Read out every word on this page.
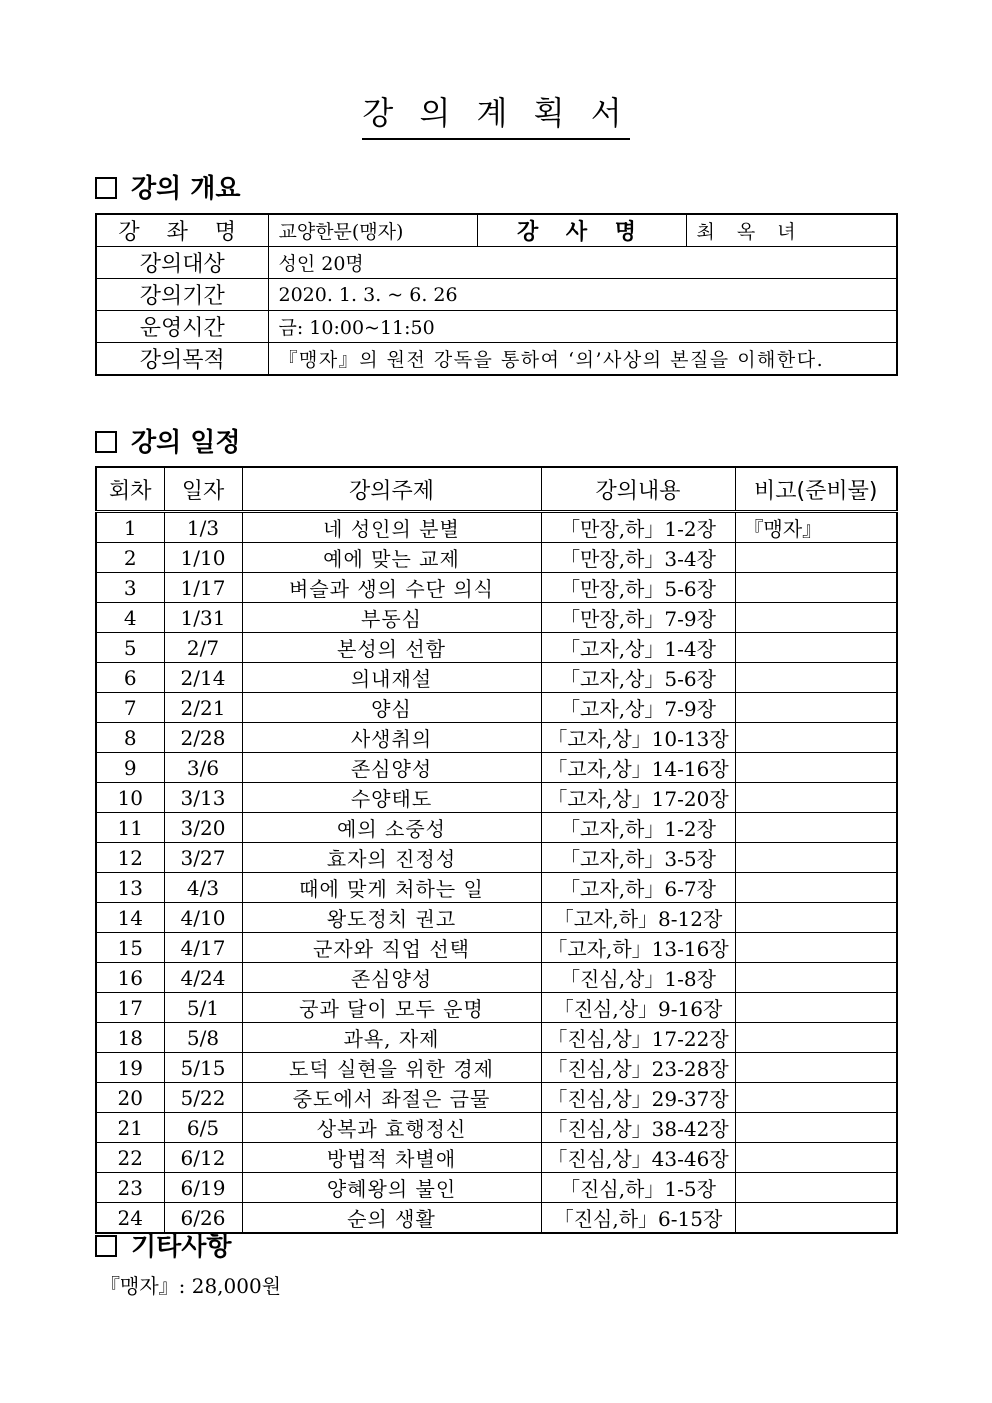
강 의 계 획 서
강의 개요
강 좌 명	교양한문(맹자)	강 사 명	최 옥 녀
강의대상	성인 20명		
강의기간	2020. 1. 3. ~ 6. 26		
운영시간	금: 10:00~11:50		
강의목적	『맹자』의 원전 강독을 통하여 ‘의’사상의 본질을 이해한다.		
강의 일정
회차	일자	강의주제	강의내용	비고(준비물)
1	1/3	네 성인의 분별	「만장,하」1-2장	『맹자』
2	1/10	예에 맞는 교제	「만장,하」3-4장	
3	1/17	벼슬과 생의 수단 의식	「만장,하」5-6장	
4	1/31	부동심	「만장,하」7-9장	
5	2/7	본성의 선함	「고자,상」1-4장	
6	2/14	의내재설	「고자,상」5-6장	
7	2/21	양심	「고자,상」7-9장	
8	2/28	사생취의	「고자,상」10-13장	
9	3/6	존심양성	「고자,상」14-16장	
10	3/13	수양태도	「고자,상」17-20장	
11	3/20	예의 소중성	「고자,하」1-2장	
12	3/27	효자의 진정성	「고자,하」3-5장	
13	4/3	때에 맞게 처하는 일	「고자,하」6-7장	
14	4/10	왕도정치 권고	「고자,하」8-12장	
15	4/17	군자와 직업 선택	「고자,하」13-16장	
16	4/24	존심양성	「진심,상」1-8장	
17	5/1	궁과 달이 모두 운명	「진심,상」9-16장	
18	5/8	과욕, 자제	「진심,상」17-22장	
19	5/15	도덕 실현을 위한 경제	「진심,상」23-28장	
20	5/22	중도에서 좌절은 금물	「진심,상」29-37장	
21	6/5	상복과 효행정신	「진심,상」38-42장	
22	6/12	방법적 차별애	「진심,상」43-46장	
23	6/19	양혜왕의 불인	「진심,하」1-5장	
24	6/26	순의 생활	「진심,하」6-15장	
기타사항
『맹자』: 28,000원
